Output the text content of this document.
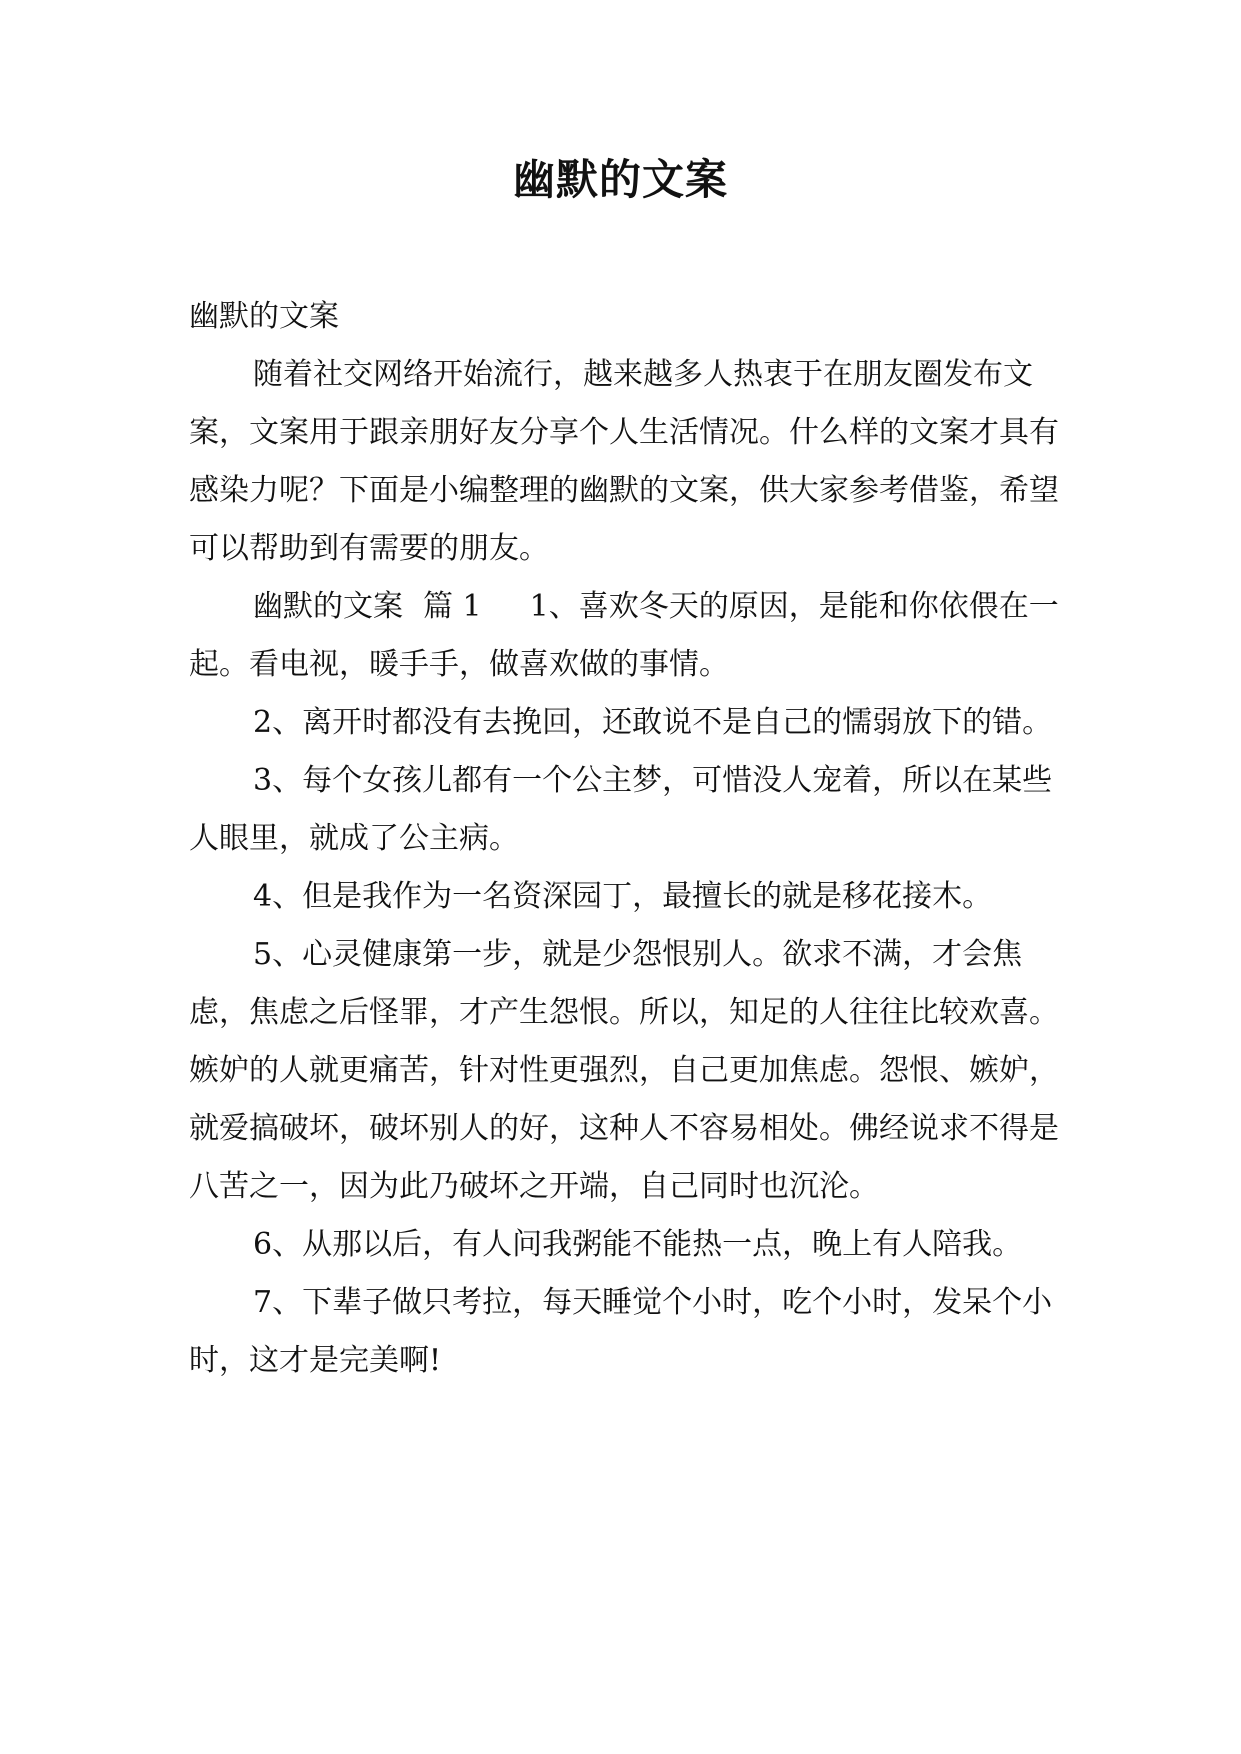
幽默的文案

幽默的文案

随着社交网络开始流行，越来越多人热衷于在朋友圈发布文案，文案用于跟亲朋好友分享个人生活情况。什么样的文案才具有感染力呢？下面是小编整理的幽默的文案，供大家参考借鉴，希望可以帮助到有需要的朋友。

幽默的文案 篇 1 1、喜欢冬天的原因，是能和你依偎在一起。看电视，暖手手，做喜欢做的事情。

2、离开时都没有去挽回，还敢说不是自己的懦弱放下的错。

3、每个女孩儿都有一个公主梦，可惜没人宠着，所以在某些人眼里，就成了公主病。

4、但是我作为一名资深园丁，最擅长的就是移花接木。

5、心灵健康第一步，就是少怨恨别人。欲求不满，才会焦虑，焦虑之后怪罪，才产生怨恨。所以，知足的人往往比较欢喜。嫉妒的人就更痛苦，针对性更强烈，自己更加焦虑。怨恨、嫉妒，就爱搞破坏，破坏别人的好，这种人不容易相处。佛经说求不得是八苦之一，因为此乃破坏之开端，自己同时也沉沦。

6、从那以后，有人问我粥能不能热一点，晚上有人陪我。

7、下辈子做只考拉，每天睡觉个小时，吃个小时，发呆个小时，这才是完美啊!
